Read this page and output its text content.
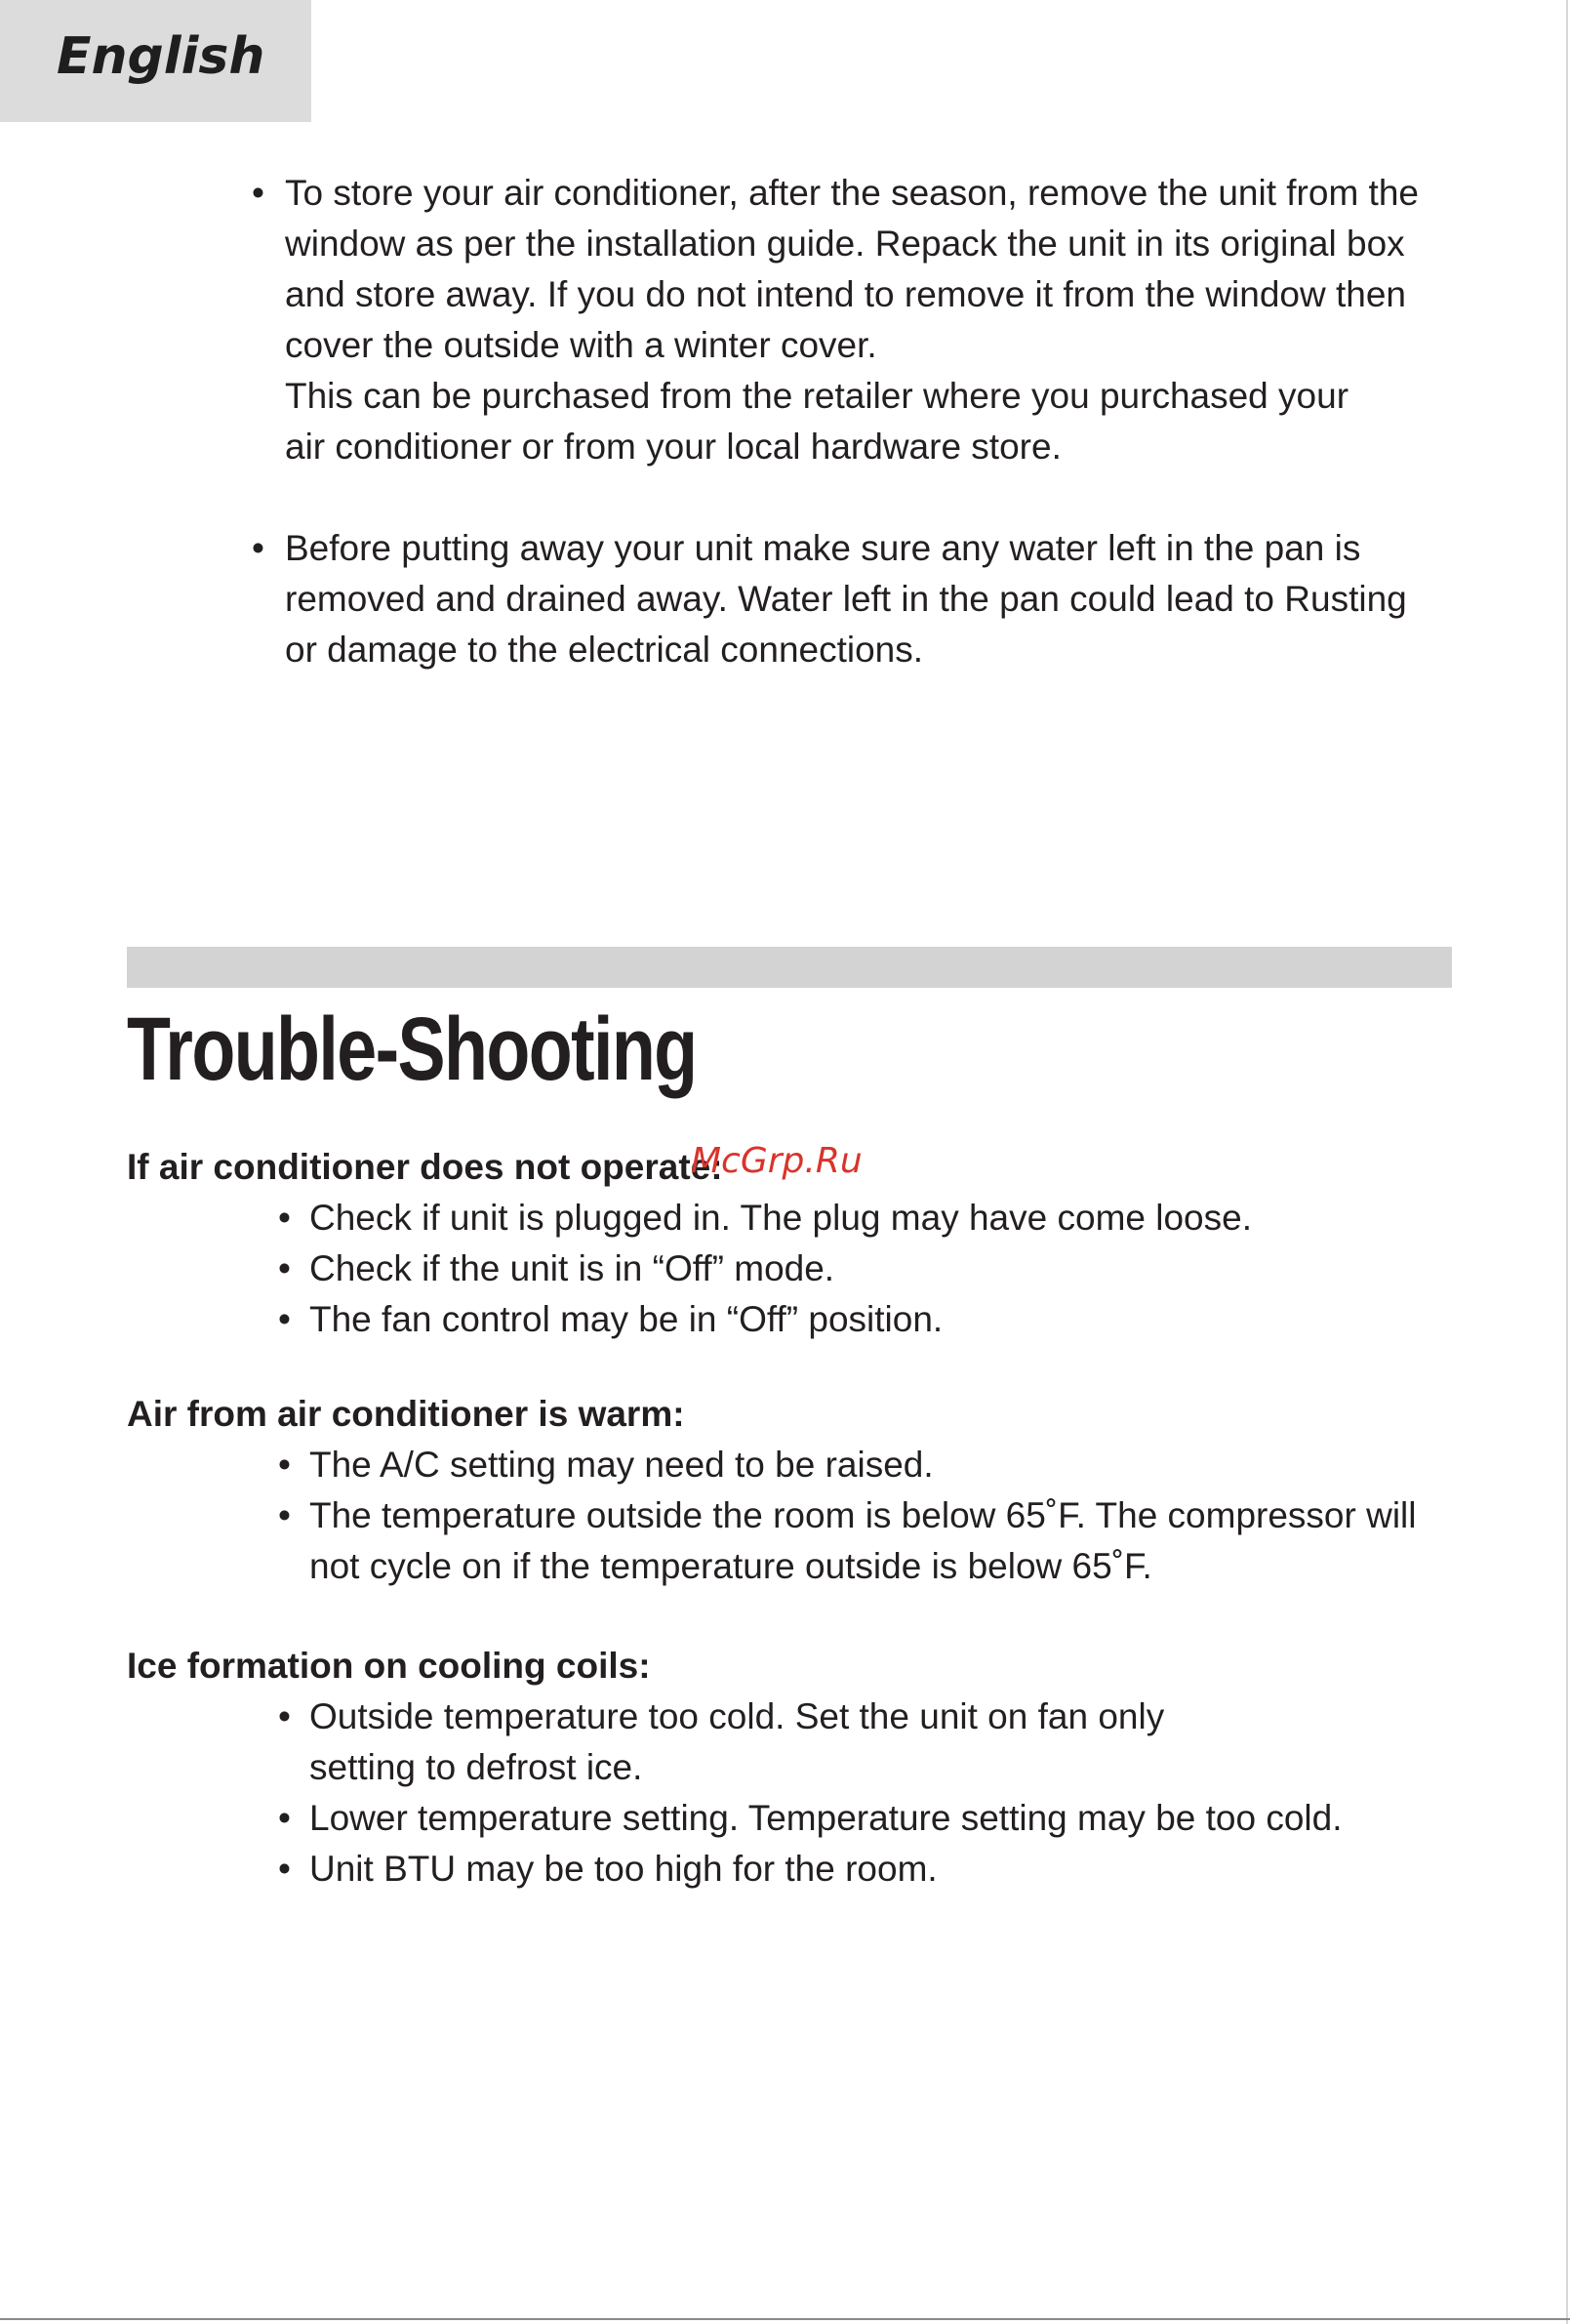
English
• To store your air conditioner, after the season, remove the unit from the
window as per the installation guide. Repack the unit in its original box
and store away. If you do not intend to remove it from the window then
cover the outside with a winter cover.
This can be purchased from the retailer where you purchased your
air conditioner or from your local hardware store.
• Before putting away your unit make sure any water left in the pan is
removed and drained away. Water left in the pan could lead to Rusting
or damage to the electrical connections.
Trouble-Shooting
If air conditioner does not operate:
• Check if unit is plugged in. The plug may have come loose.
• Check if the unit is in “Off” mode.
• The fan control may be in “Off” position.
Air from air conditioner is warm:
• The A/C setting may need to be raised.
• The temperature outside the room is below 65˚F. The compressor will
not cycle on if the temperature outside is below 65˚F.
Ice formation on cooling coils:
• Outside temperature too cold. Set the unit on fan only
setting to defrost ice.
• Lower temperature setting. Temperature setting may be too cold.
• Unit BTU may be too high for the room.
McGrp.Ru
